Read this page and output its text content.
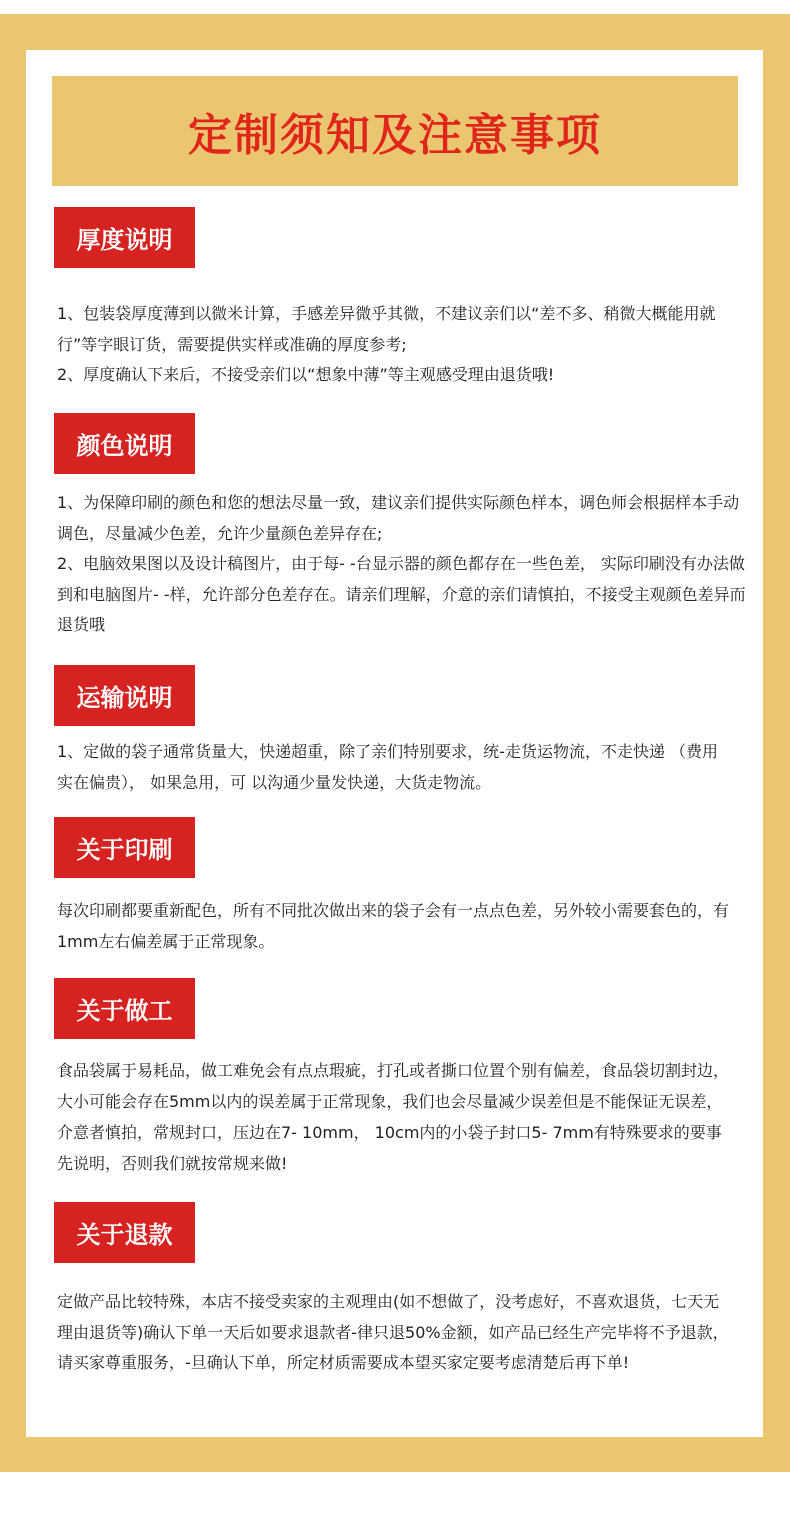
定制须知及注意事项
厚度说明

1、包装袋厚度薄到以微米计算，手感差异微乎其微，不建议亲们以“差不多、稍微大概能用就行”等字眼订货，需要提供实样或准确的厚度参考;

2、厚度确认下来后，不接受亲们以“想象中薄”等主观感受理由退货哦!

颜色说明

1、为保障印刷的颜色和您的想法尽量一致，建议亲们提供实际颜色样本，调色师会根据样本手动调色，尽量减少色差，允许少量颜色差异存在;

2、电脑效果图以及设计稿图片，由于每- -台显示器的颜色都存在一些色差， 实际印刷没有办法做到和电脑图片- -样，允许部分色差存在。请亲们理解，介意的亲们请慎拍，不接受主观颜色差异而退货哦

运输说明

1、定做的袋子通常货量大，快递超重，除了亲们特别要求，统-走货运物流，不走快递 （费用实在偏贵）， 如果急用，可 以沟通少量发快递，大货走物流。

关于印刷

每次印刷都要重新配色，所有不同批次做出来的袋子会有一点点色差，另外较小需要套色的，有1mm左右偏差属于正常现象。

关于做工

食品袋属于易耗品，做工难免会有点点瑕疵，打孔或者撕口位置个别有偏差，食品袋切割封边，大小可能会存在5mm以内的误差属于正常现象，我们也会尽量减少误差但是不能保证无误差，介意者慎拍，常规封口，压边在7- 10mm， 10cm内的小袋子封口5- 7mm有特殊要求的要事先说明，否则我们就按常规来做!

关于退款

定做产品比较特殊，本店不接受卖家的主观理由(如不想做了，没考虑好，不喜欢退货，七天无理由退货等)确认下单一天后如要求退款者-律只退50%金额，如产品已经生产完毕将不予退款，请买家尊重服务，-旦确认下单，所定材质需要成本望买家定要考虑清楚后再下单!
